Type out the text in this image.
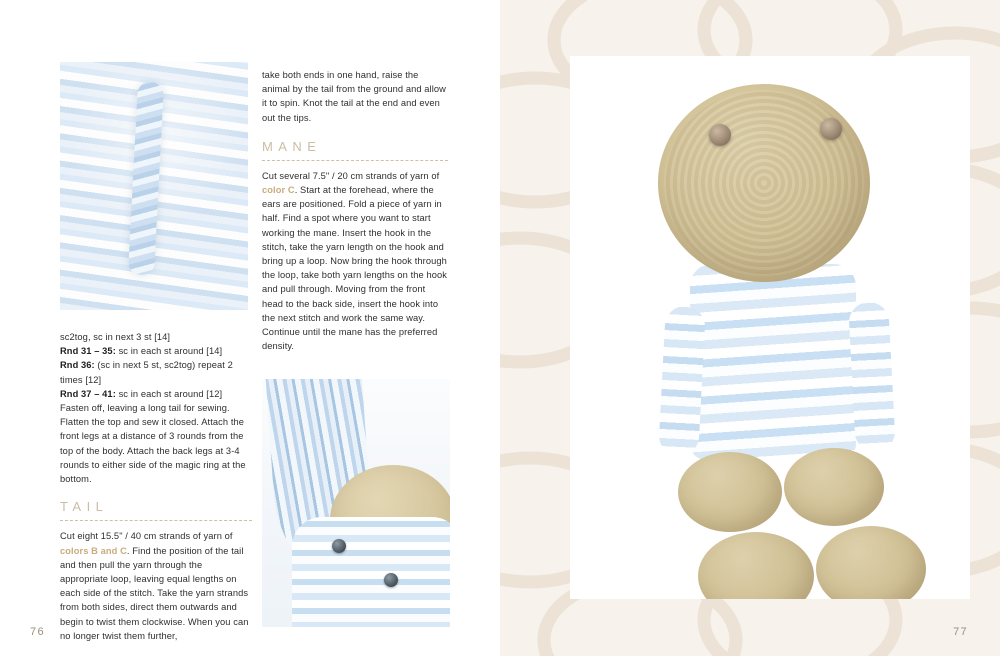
sc2tog, sc in next 3 st [14]

Rnd 31 – 35: sc in each st around [14]

Rnd 36: (sc in next 5 st, sc2tog) repeat 2 times [12]

Rnd 37 – 41: sc in each st around [12]

Fasten off, leaving a long tail for sewing. Flatten the top and sew it closed. Attach the front legs at a distance of 3 rounds from the top of the body. Attach the back legs at 3-4 rounds to either side of the magic ring at the bottom.

TAIL

Cut eight 15.5" / 40 cm strands of yarn of colors B and C. Find the position of the tail and then pull the yarn through the appropriate loop, leaving equal lengths on each side of the stitch. Take the yarn strands from both sides, direct them outwards and begin to twist them clockwise. When you can no longer twist them further,

take both ends in one hand, raise the animal by the tail from the ground and allow it to spin. Knot the tail at the end and even out the tips.

MANE

Cut several 7.5" / 20 cm strands of yarn of color C. Start at the forehead, where the ears are positioned. Fold a piece of yarn in half. Find a spot where you want to start working the mane. Insert the hook in the stitch, take the yarn length on the hook and bring up a loop. Now bring the hook through the loop, take both yarn lengths on the hook and pull through. Moving from the front head to the back side, insert the hook into the next stitch and work the same way. Continue until the mane has the preferred density.

76	77
